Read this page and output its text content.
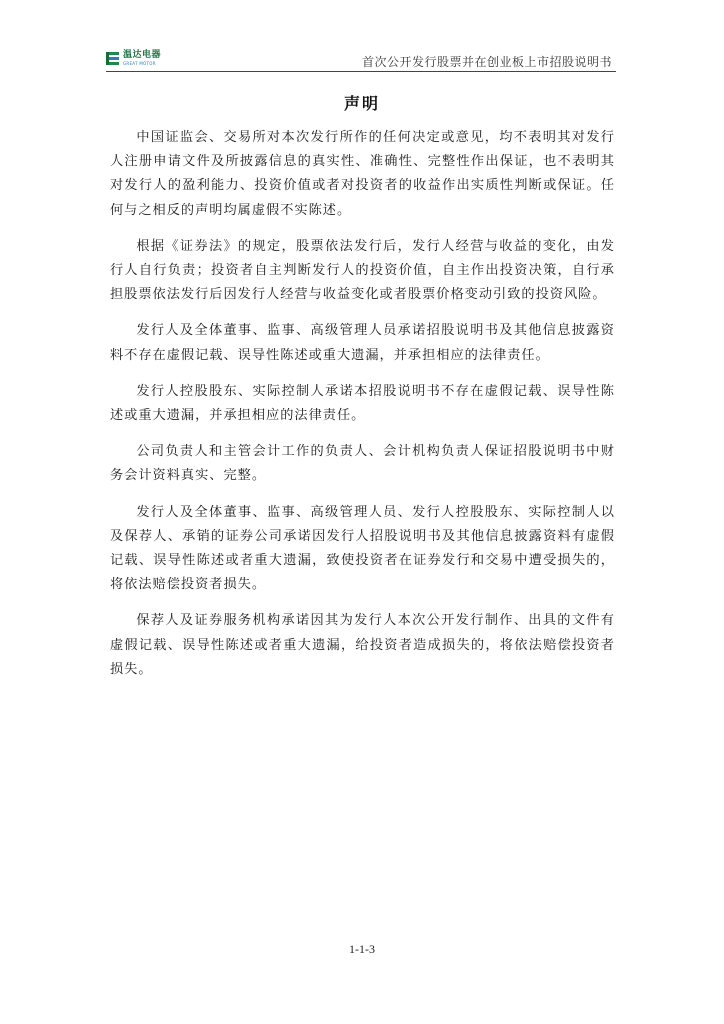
温达电器
GREAT MOTOR	首次公开发行股票并在创业板上市招股说明书
声明

中国证监会、交易所对本次发行所作的任何决定或意见，均不表明其对发行人注册申请文件及所披露信息的真实性、准确性、完整性作出保证，也不表明其对发行人的盈利能力、投资价值或者对投资者的收益作出实质性判断或保证。任何与之相反的声明均属虚假不实陈述。

根据《证券法》的规定，股票依法发行后，发行人经营与收益的变化，由发行人自行负责；投资者自主判断发行人的投资价值，自主作出投资决策，自行承担股票依法发行后因发行人经营与收益变化或者股票价格变动引致的投资风险。

发行人及全体董事、监事、高级管理人员承诺招股说明书及其他信息披露资料不存在虚假记载、误导性陈述或重大遗漏，并承担相应的法律责任。

发行人控股股东、实际控制人承诺本招股说明书不存在虚假记载、误导性陈述或重大遗漏，并承担相应的法律责任。

公司负责人和主管会计工作的负责人、会计机构负责人保证招股说明书中财务会计资料真实、完整。

发行人及全体董事、监事、高级管理人员、发行人控股股东、实际控制人以及保荐人、承销的证券公司承诺因发行人招股说明书及其他信息披露资料有虚假记载、误导性陈述或者重大遗漏，致使投资者在证券发行和交易中遭受损失的，将依法赔偿投资者损失。

保荐人及证券服务机构承诺因其为发行人本次公开发行制作、出具的文件有虚假记载、误导性陈述或者重大遗漏，给投资者造成损失的，将依法赔偿投资者损失。

1-1-3
